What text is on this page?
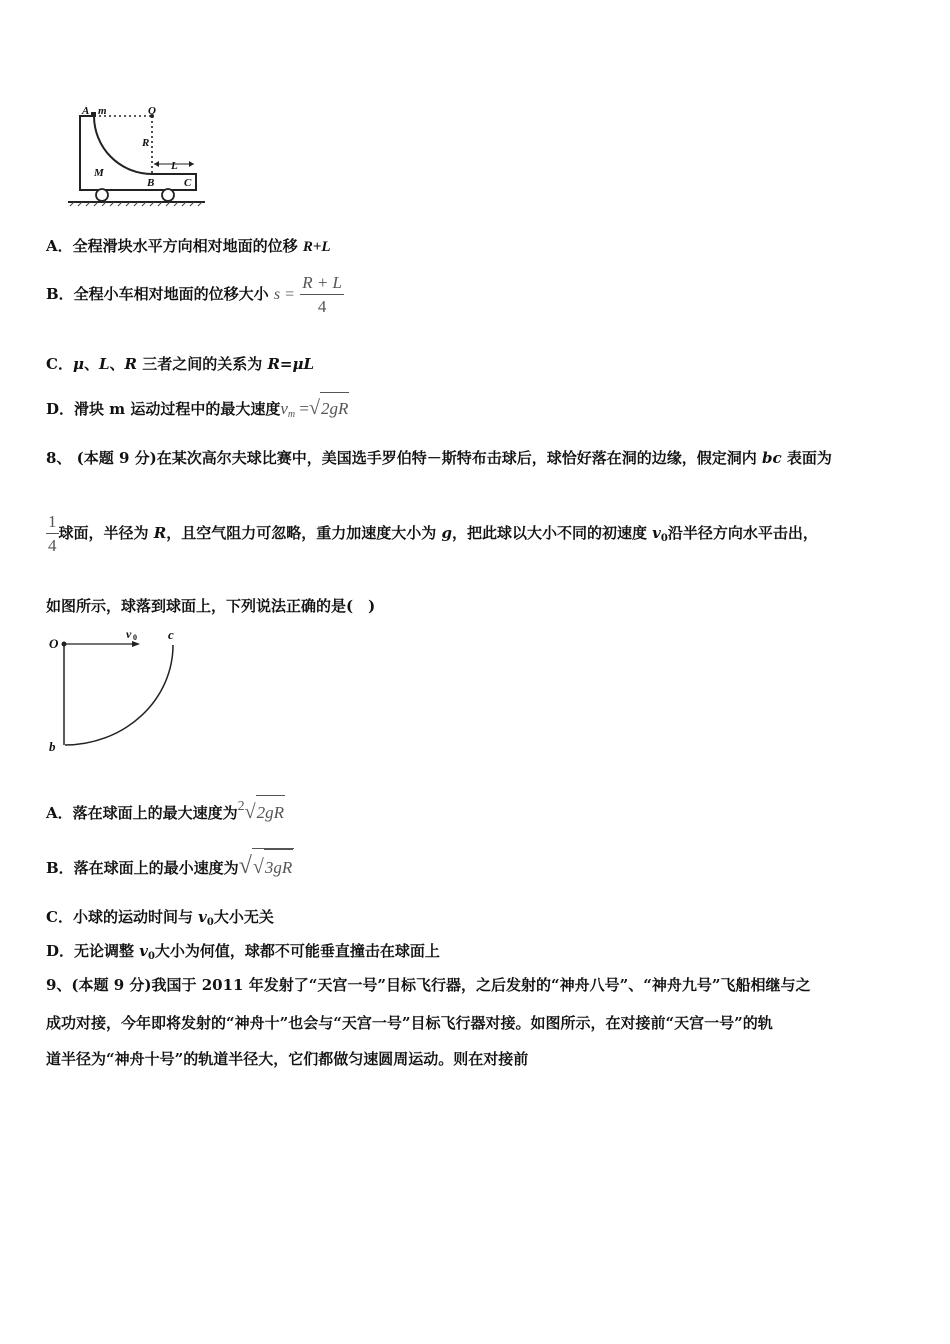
A m	O
R
L
M
B	C
A．全程滑块水平方向相对地面的位移 R+L
B．全程小车相对地面的位移大小 $s = \frac{R + L}{4}$
C．μ、L、R 三者之间的关系为 R=μL
D．滑块 m 运动过程中的最大速度$v_m =√2gR$
8、 (本题 9 分)在某次高尔夫球比赛中，美国选手罗伯特－斯特布击球后，球恰好落在洞的边缘，假定洞内 bc 表面为
$\frac{1}{4}$ 球面，半径为 R，且空气阻力可忽略，重力加速度大小为 g，把此球以大小不同的初速度 $v_0$沿半径方向水平击出，
如图所示，球落到球面上，下列说法正确的是(　)
O
v 0 c
b
A．落在球面上的最大速度为$^2$√2gR
B．落在球面上的最小速度为√√3gR
C．小球的运动时间与 $v_0$大小无关
D．无论调整 $v_0$大小为何值，球都不可能垂直撞击在球面上
9、(本题 9 分)我国于 2011 年发射了“天宫一号”目标飞行器，之后发射的“神舟八号”、“神舟九号”飞船相继与之
成功对接，今年即将发射的“神舟十”也会与“天宫一号”目标飞行器对接。如图所示，在对接前“天宫一号”的轨
道半径为“神舟十号”的轨道半径大，它们都做匀速圆周运动。则在对接前
